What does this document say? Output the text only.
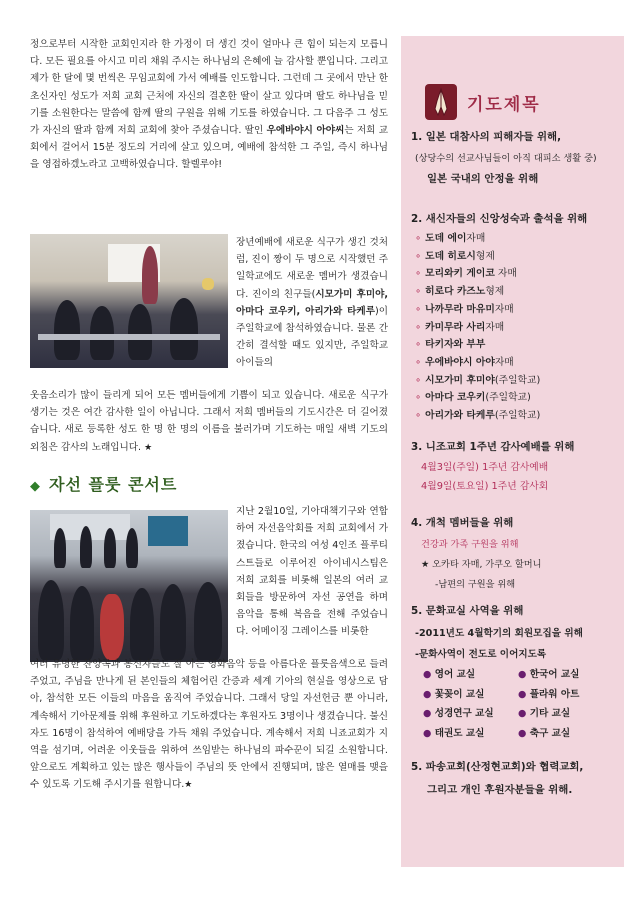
정으로부터 시작한 교회인지라 한 가정이 더 생긴 것이 얼마나 큰 힘이 되는지 모릅니다. 모든 필요를 아시고 미리 채워 주시는 하나님의 은혜에 늘 감사할 뿐입니다. 그리고 제가 한 달에 몇 번씩은 무임교회에 가서 예배를 인도합니다. 그런데 그 곳에서 만난 한 초신자인 성도가 저희 교회 근처에 자신의 결혼한 딸이 살고 있다며 딸도 하나님을 믿기를 소원한다는 말씀에 함께 딸의 구원을 위해 기도를 하였습니다. 그 다음주 그 성도가 자신의 딸과 함께 저희 교회에 찾아 주셨습니다. 딸인 우에바야시 아야씨는 저희 교회에서 걸어서 15분 정도의 거리에 살고 있으며, 예배에 참석한 그 주일, 즉시 하나님을 영접하겠노라고 고백하였습니다. 할렐루야!

장년예배에 새로운 식구가 생긴 것처럼, 진이 짱이 두 명으로 시작했던 주일학교에도 새로운 멤버가 생겼습니다. 진이의 친구들(시모가미 후미야, 아마다 코우키, 아리가와 타케루)이 주일학교에 참석하였습니다. 물론 간간히 결석할 때도 있지만, 주일학교 아이들의

웃음소리가 많이 들리게 되어 모든 멤버들에게 기쁨이 되고 있습니다. 새로운 식구가 생기는 것은 여간 감사한 일이 아닙니다. 그래서 저희 멤버들의 기도시간은 더 길어졌습니다. 새로 등록한 성도 한 명 한 명의 이름을 불러가며 기도하는 매일 새벽 기도의 외침은 감사의 노래입니다. ★

◆ 자선 플룻 콘서트

지난 2월10일, 기아대책기구와 연합하여 자선음악회를 저희 교회에서 가졌습니다. 한국의 여성 4인조 플루티스트들로 이루어진 아이네시스팀은 저희 교회를 비롯해 일본의 여러 교회들을 방문하여 자선 공연을 하며 음악을 통해 복음을 전해 주었습니다. 어메이징 그레이스를 비롯한

여러 유명한 찬양곡과 봉신자들도 잘 아는 영화음악 등을 아름다운 플룻음색으로 들려주었고, 주님을 만나게 된 본인들의 체험어린 간증과 세계 기아의 현실을 영상으로 담아, 참석한 모든 이들의 마음을 움직여 주었습니다. 그래서 당일 자선헌금 뿐 아니라, 계속해서 기아문제를 위해 후원하고 기도하겠다는 후원자도 3명이나 생겼습니다. 불신자도 16명이 참석하여 예배당을 가득 채워 주었습니다. 계속해서 저희 니죠교회가 지역을 섬기며, 어려운 이웃들을 위하여 쓰임받는 하나님의 파수꾼이 되길 소원합니다. 앞으로도 계획하고 있는 많은 행사들이 주님의 뜻 안에서 진행되며, 많은 열매를 맺을 수 있도록 기도해 주시기를 원합니다.★

기도제목
1. 일본 대참사의 피해자들 위해,
(상당수의 선교사님들이 아직 대피소 생활 중)
일본 국내의 안정을 위해
2. 새신자들의 신앙성숙과 출석을 위해
∘ 도데 에이자매
∘ 도데 히로시형제
∘ 모리와키 게이코 자매
∘ 히로다 카즈노형제
∘ 나까무라 마유미자매
∘ 카미무라 사리자매
∘ 타키자와 부부
∘ 우에바야시 아야자매
∘ 시모가미 후미야(주일학교)
∘ 아마다 코우키(주일학교)
∘ 아리가와 타케루(주일학교)
3. 니조교회 1주년 감사예배를 위해
4월3일(주일) 1주년 감사예배
4월9일(토요일) 1주년 감사회
4. 개척 멤버들을 위해
건강과 가족 구원을 위해
★ 오카타 자매, 가쿠오 할머니
-남편의 구원을 위해
5. 문화교실 사역을 위해
-2011년도 4월학기의 회원모집을 위해
-문화사역이 전도로 이어지도록
● 영어 교실	● 한국어 교실
● 꽃꽂이 교실	● 플라워 아트
● 성경연구 교실	● 기타 교실
● 태권도 교실	● 축구 교실
5. 파송교회(산정현교회)와 협력교회,
그리고 개인 후원자분들을 위해.
